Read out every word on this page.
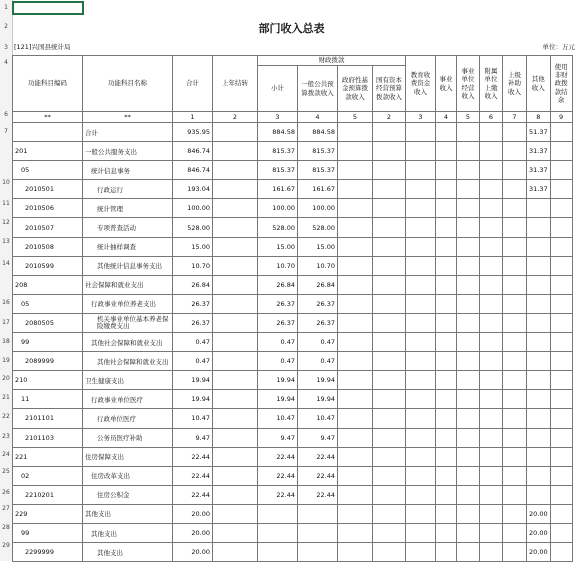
部门收入总表
[121]兴国县统计局	单位：万元
功能科目编码	功能科目名称	合计	上年结转	财政拨款				教育收费资金收入	事业收入	事业单位经营收入	附属单位上缴收入	上级补助收入	其他收入	使用非财政拨款结余
				小计	一般公共预算拨款收入	政府性基金预算拨款收入	国有资本经营预算拨款收入							
**	**	1	2	3	4	5	2	3	4	5	6	7	8	9
	合计	935.95		884.58	884.58								51.37	
201	一般公共服务支出	846.74		815.37	815.37								31.37	
05	统计信息事务	846.74		815.37	815.37								31.37	
2010501	行政运行	193.04		161.67	161.67								31.37	
2010506	统计管理	100.00		100.00	100.00									
2010507	专项普查活动	528.00		528.00	528.00									
2010508	统计抽样调查	15.00		15.00	15.00									
2010599	其他统计信息事务支出	10.70		10.70	10.70									
208	社会保障和就业支出	26.84		26.84	26.84									
05	行政事业单位养老支出	26.37		26.37	26.37									
2080505	机关事业单位基本养老保险缴费支出	26.37		26.37	26.37									
99	其他社会保障和就业支出	0.47		0.47	0.47									
2089999	其他社会保障和就业支出	0.47		0.47	0.47									
210	卫生健康支出	19.94		19.94	19.94									
11	行政事业单位医疗	19.94		19.94	19.94									
2101101	行政单位医疗	10.47		10.47	10.47									
2101103	公务员医疗补助	9.47		9.47	9.47									
221	住房保障支出	22.44		22.44	22.44									
02	住房改革支出	22.44		22.44	22.44									
2210201	住房公积金	22.44		22.44	22.44									
229	其他支出	20.00											20.00	
99	其他支出	20.00											20.00	
2299999	其他支出	20.00											20.00	
1
2
3
4
6
7
10
11
12
13
14
16
17
18
19
20
21
22
23
24
25
26
27
28
29
